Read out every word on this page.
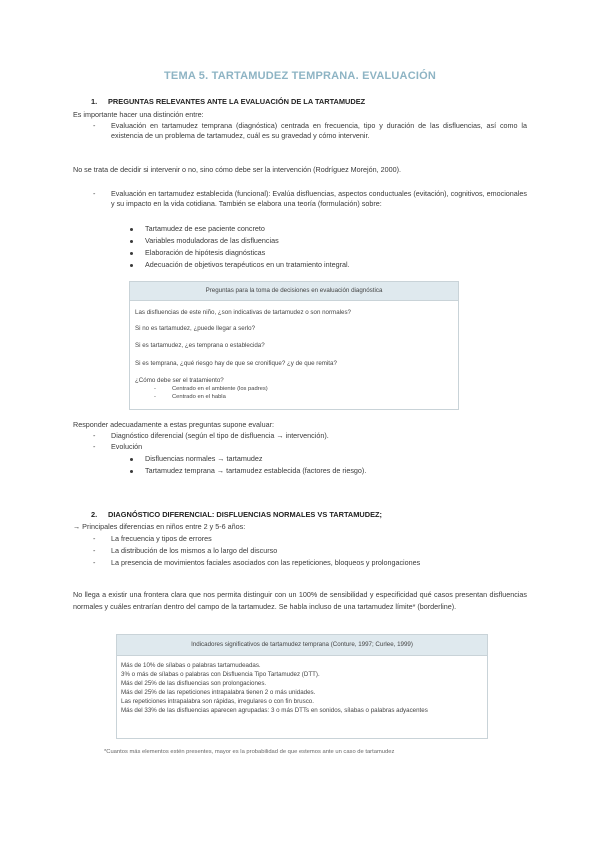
TEMA 5. TARTAMUDEZ TEMPRANA. EVALUACIÓN
1. PREGUNTAS RELEVANTES ANTE LA EVALUACIÓN DE LA TARTAMUDEZ
Es importante hacer una distinción entre:
- Evaluación en tartamudez temprana (diagnóstica) centrada en frecuencia, tipo y duración de las disfluencias, así como la existencia de un problema de tartamudez, cuál es su gravedad y cómo intervenir.
No se trata de decidir si intervenir o no, sino cómo debe ser la intervención (Rodríguez Morejón, 2000).
- Evaluación en tartamudez establecida (funcional): Evalúa disfluencias, aspectos conductuales (evitación), cognitivos, emocionales y su impacto en la vida cotidiana. También se elabora una teoría (formulación) sobre:
Tartamudez de ese paciente concreto
Variables moduladoras de las disfluencias
Elaboración de hipótesis diagnósticas
Adecuación de objetivos terapéuticos en un tratamiento integral.
Preguntas para la toma de decisiones en evaluación diagnóstica
Las disfluencias de este niño, ¿son indicativas de tartamudez o son normales?
Si no es tartamudez, ¿puede llegar a serlo?
Si es tartamudez, ¿es temprana o establecida?
Si es temprana, ¿qué riesgo hay de que se cronifique? ¿y de que remita?
¿Cómo debe ser el tratamiento?
-	Centrado en el ambiente (los padres)
-	Centrado en el habla
Responder adecuadamente a estas preguntas supone evaluar:
- Diagnóstico diferencial (según el tipo de disfluencia → intervención).
- Evolución
Disfluencias normales → tartamudez
Tartamudez temprana → tartamudez establecida (factores de riesgo).
2. DIAGNÓSTICO DIFERENCIAL: DISFLUENCIAS NORMALES VS TARTAMUDEZ;
→ Principales diferencias en niños entre 2 y 5-6 años:
- La frecuencia y tipos de errores
- La distribución de los mismos a lo largo del discurso
- La presencia de movimientos faciales asociados con las repeticiones, bloqueos y prolongaciones
No llega a existir una frontera clara que nos permita distinguir con un 100% de sensibilidad y especificidad qué casos presentan disfluencias normales y cuáles entrarían dentro del campo de la tartamudez. Se habla incluso de una tartamudez límite* (borderline).
Indicadores significativos de tartamudez temprana (Conture, 1997; Curlee, 1999)
Más de 10% de sílabas o palabras tartamudeadas.
3% o más de sílabas o palabras con Disfluencia Tipo Tartamudez (DTT).
Más del 25% de las disfluencias son prolongaciones.
Más del 25% de las repeticiones intrapalabra tienen 2 o más unidades.
Las repeticiones intrapalabra son rápidas, irregulares o con fin brusco.
Más del 33% de las disfluencias aparecen agrupadas: 3 o más DTTs en sonidos, sílabas o palabras adyacentes
*Cuantos más elementos estén presentes, mayor es la probabilidad de que estemos ante un caso de tartamudez
